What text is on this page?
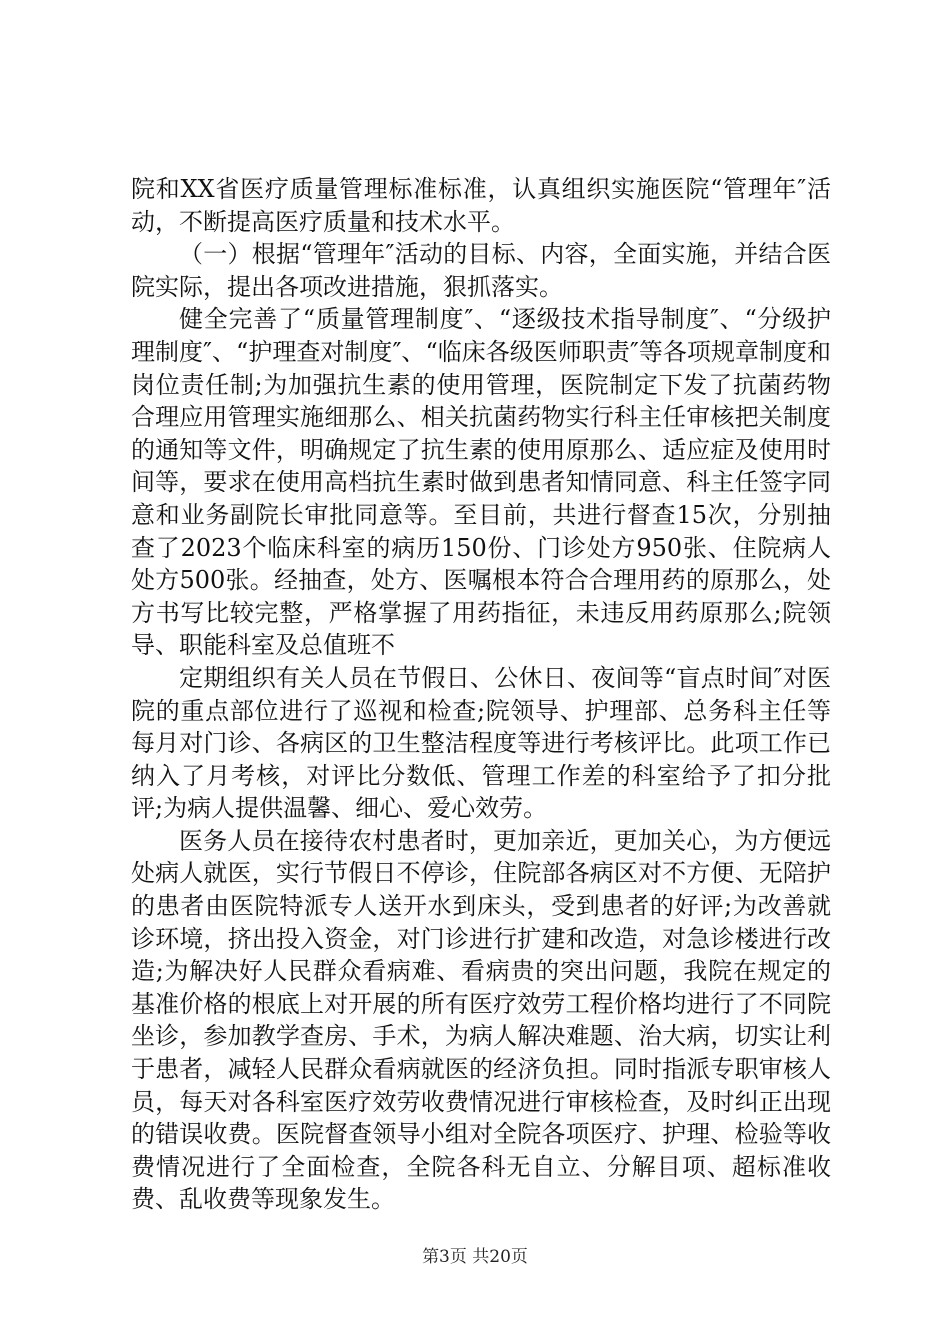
院和XX省医疗质量管理标准标准，认真组织实施医院“管理年″活动，不断提高医疗质量和技术水平。

（一）根据“管理年″活动的目标、内容，全面实施，并结合医院实际，提出各项改进措施，狠抓落实。

健全完善了“质量管理制度″、“逐级技术指导制度″、“分级护理制度″、“护理查对制度″、“临床各级医师职责″等各项规章制度和岗位责任制;为加强抗生素的使用管理，医院制定下发了抗菌药物合理应用管理实施细那么、相关抗菌药物实行科主任审核把关制度的通知等文件，明确规定了抗生素的使用原那么、适应症及使用时间等，要求在使用高档抗生素时做到患者知情同意、科主任签字同意和业务副院长审批同意等。至目前，共进行督查15次，分别抽查了2023个临床科室的病历150份、门诊处方950张、住院病人处方500张。经抽查，处方、医嘱根本符合合理用药的原那么，处方书写比较完整，严格掌握了用药指征，未违反用药原那么;院领导、职能科室及总值班不

定期组织有关人员在节假日、公休日、夜间等“盲点时间″对医院的重点部位进行了巡视和检查;院领导、护理部、总务科主任等每月对门诊、各病区的卫生整洁程度等进行考核评比。此项工作已纳入了月考核，对评比分数低、管理工作差的科室给予了扣分批评;为病人提供温馨、细心、爱心效劳。

医务人员在接待农村患者时，更加亲近，更加关心，为方便远处病人就医，实行节假日不停诊，住院部各病区对不方便、无陪护的患者由医院特派专人送开水到床头，受到患者的好评;为改善就诊环境，挤出投入资金，对门诊进行扩建和改造，对急诊楼进行改造;为解决好人民群众看病难、看病贵的突出问题，我院在规定的基准价格的根底上对开展的所有医疗效劳工程价格均进行了不同院坐诊，参加教学查房、手术，为病人解决难题、治大病，切实让利于患者，减轻人民群众看病就医的经济负担。同时指派专职审核人员，每天对各科室医疗效劳收费情况进行审核检查，及时纠正出现的错误收费。医院督查领导小组对全院各项医疗、护理、检验等收费情况进行了全面检查，全院各科无自立、分解目项、超标准收费、乱收费等现象发生。

第3页 共20页
